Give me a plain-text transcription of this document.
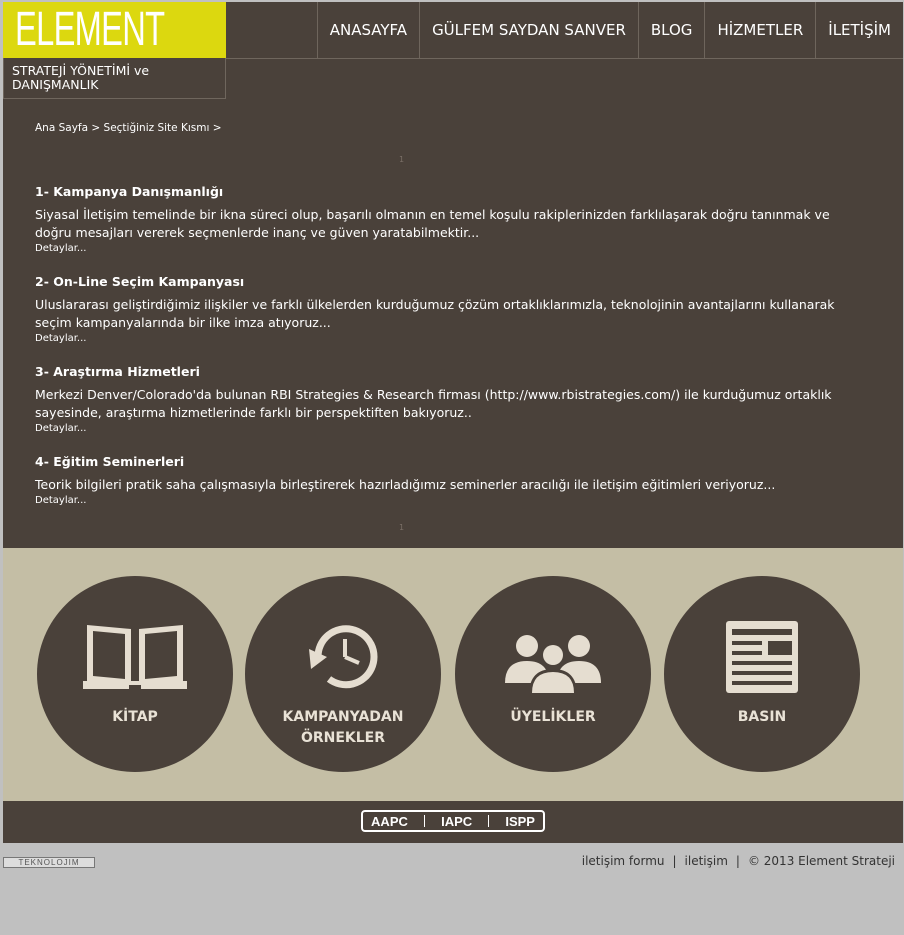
ELEMENT
STRATEJİ YÖNETİMİ ve
DANIŞMANLIK
ANASAYFA	GÜLFEM SAYDAN SANVER	BLOG	HİZMETLER	İLETİŞİM
Ana Sayfa > Seçtiğiniz Site Kısmı >
1
1- Kampanya Danışmanlığı

Siyasal İletişim temelinde bir ikna süreci olup, başarılı olmanın en temel koşulu rakiplerinizden farklılaşarak doğru tanınmak ve doğru mesajları vererek seçmenlerde inanç ve güven yaratabilmektir...

Detaylar...
2- On-Line Seçim Kampanyası

Uluslararası geliştirdiğimiz ilişkiler ve farklı ülkelerden kurduğumuz çözüm ortaklıklarımızla, teknolojinin avantajlarını kullanarak seçim kampanyalarında bir ilke imza atıyoruz...

Detaylar...
3- Araştırma Hizmetleri

Merkezi Denver/Colorado'da bulunan RBI Strategies & Research firması (http://www.rbistrategies.com/) ile kurduğumuz ortaklık sayesinde, araştırma hizmetlerinde farklı bir perspektiften bakıyoruz..

Detaylar...
4- Eğitim Seminerleri

Teorik bilgileri pratik saha çalışmasıyla birleştirerek hazırladığımız seminerler aracılığı ile iletişim eğitimleri veriyoruz...

Detaylar...
1
KİTAP	KAMPANYADAN
ÖRNEKLER
ÜYELİKLER	BASIN

AAPC	IAPC	ISPP
TEKNOLOJIM	iletişim formu | iletişim | © 2013 Element Strateji
